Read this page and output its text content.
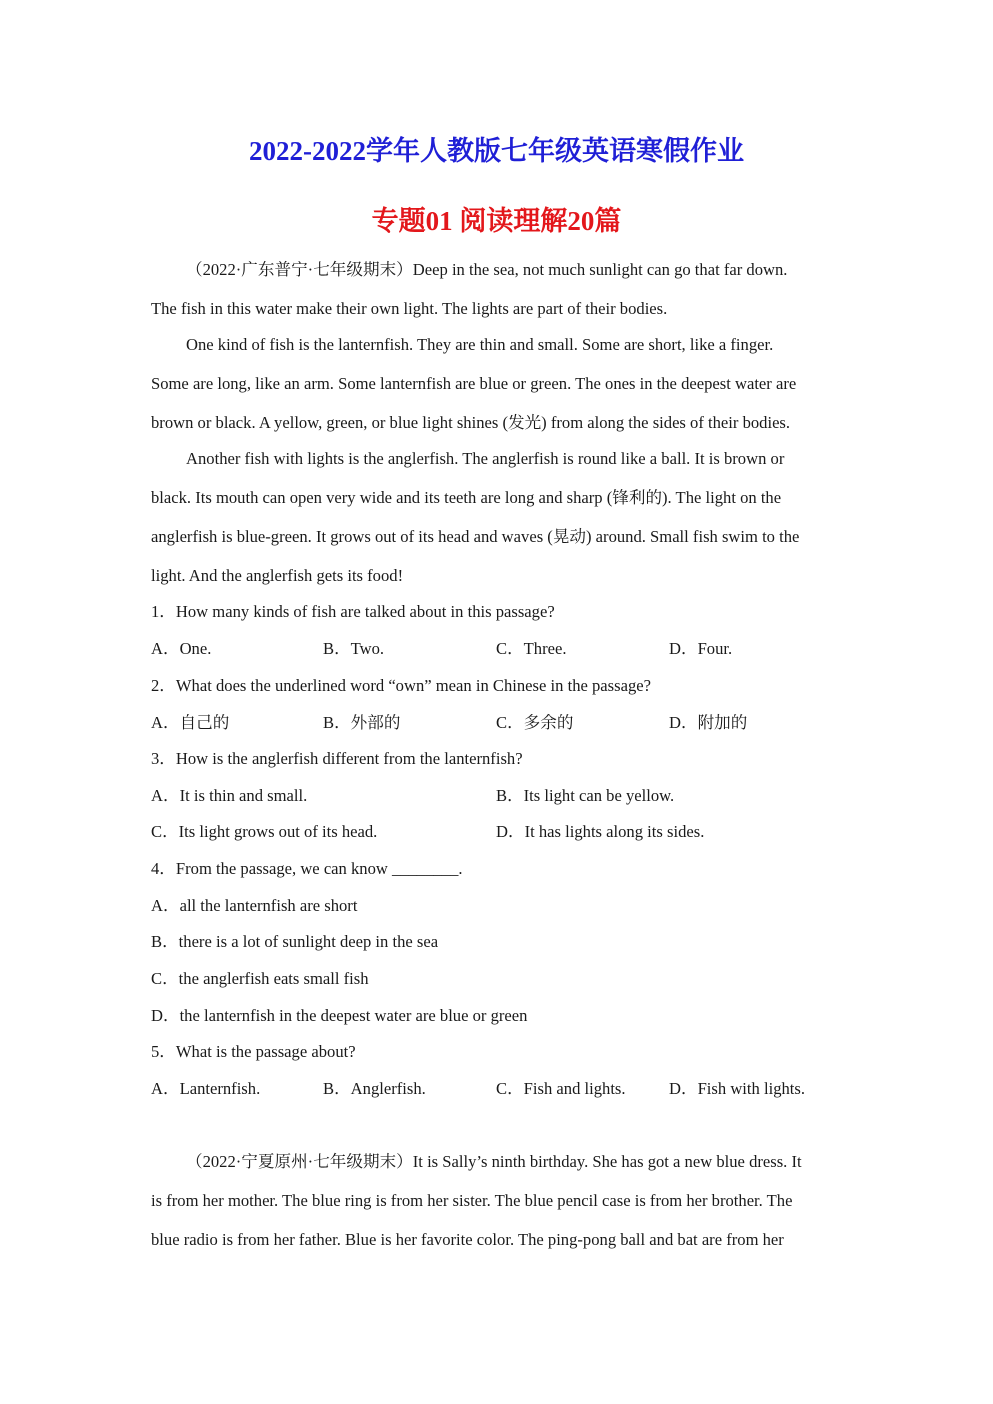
2022-2022学年人教版七年级英语寒假作业
专题01 阅读理解20篇

（2022·广东普宁·七年级期末）Deep in the sea, not much sunlight can go that far down.

The fish in this water make their own light. The lights are part of their bodies.

One kind of fish is the lanternfish. They are thin and small. Some are short, like a finger.

Some are long, like an arm. Some lanternfish are blue or green. The ones in the deepest water are

brown or black. A yellow, green, or blue light shines (发光) from along the sides of their bodies.

Another fish with lights is the anglerfish. The anglerfish is round like a ball. It is brown or

black. Its mouth can open very wide and its teeth are long and sharp (锋利的). The light on the

anglerfish is blue-green. It grows out of its head and waves (晃动) around. Small fish swim to the

light. And the anglerfish gets its food!

1．How many kinds of fish are talked about in this passage?

A．One.	B．Two.	C．Three.	D．Four.

2．What does the underlined word “own” mean in Chinese in the passage?

A．自己的	B．外部的	C．多余的	D．附加的

3．How is the anglerfish different from the lanternfish?

A．It is thin and small.	B．Its light can be yellow.

C．Its light grows out of its head.	D．It has lights along its sides.

4．From the passage, we can know ________.

A．all the lanternfish are short

B．there is a lot of sunlight deep in the sea

C．the anglerfish eats small fish

D．the lanternfish in the deepest water are blue or green

5．What is the passage about?

A．Lanternfish.	B．Anglerfish.	C．Fish and lights.	D．Fish with lights.

（2022·宁夏原州·七年级期末）It is Sally’s ninth birthday. She has got a new blue dress. It

is from her mother. The blue ring is from her sister. The blue pencil case is from her brother. The

blue radio is from her father. Blue is her favorite color. The ping-pong ball and bat are from her
